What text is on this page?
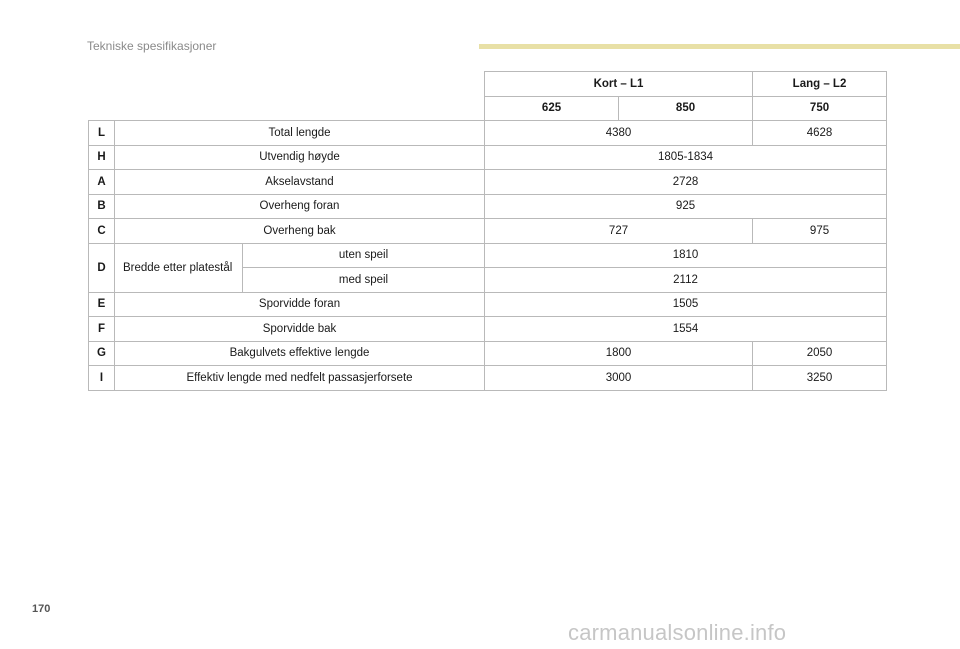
Tekniske spesifikasjoner
			Kort – L1		Lang – L2
			625	850	750
L	Total lengde		4380		4628
H	Utvendig høyde		1805-1834		
A	Akselavstand		2728		
B	Overheng foran		925		
C	Overheng bak		727		975
D	Bredde etter platestål	uten speil	1810		
		med speil	2112		
E	Sporvidde foran		1505		
F	Sporvidde bak		1554		
G	Bakgulvets effektive lengde		1800		2050
I	Effektiv lengde med nedfelt passasjerforsete		3000		3250
170
carmanualsonline.info
